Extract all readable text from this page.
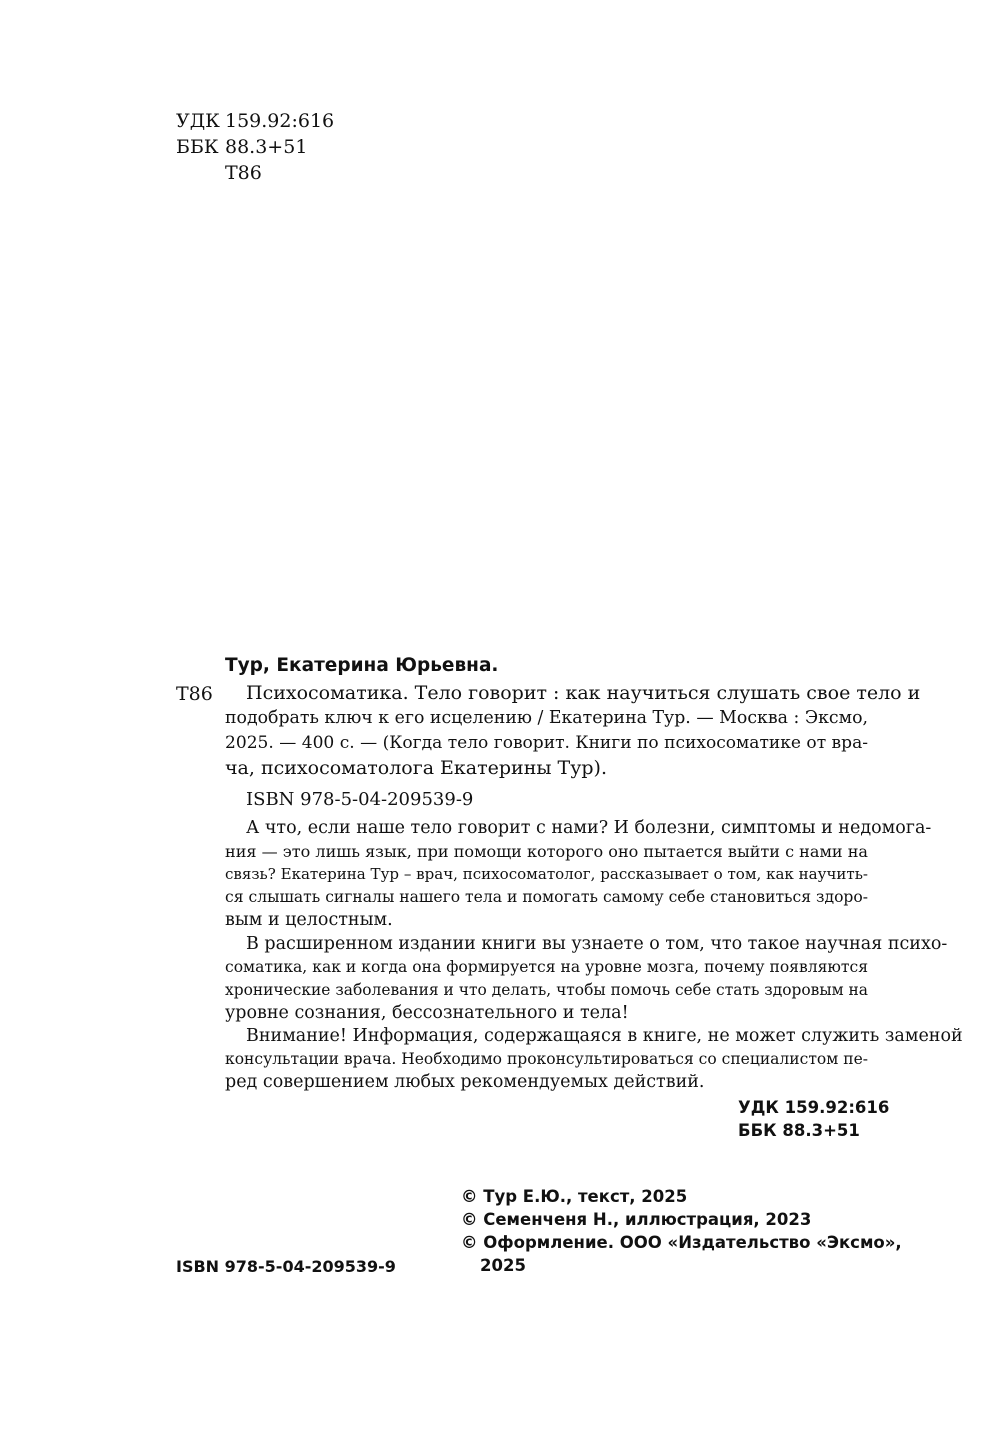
УДК 159.92:616
ББК 88.3+51
Т86
Тур, Екатерина Юрьевна.
Т86 Психосоматика. Тело говорит : как научиться слушать свое тело и
подобрать ключ к его исцелению / Екатерина Тур. — Москва : Эксмо,
2025. — 400 с. — (Когда тело говорит. Книги по психосоматике от вра-
ча, психосоматолога Екатерины Тур).
ISBN 978-5-04-209539-9
А что, если наше тело говорит с нами? И болезни, симптомы и недомога-
ния — это лишь язык, при помощи которого оно пытается выйти с нами на
связь? Екатерина Тур – врач, психосоматолог, рассказывает о том, как научить-
ся слышать сигналы нашего тела и помогать самому себе становиться здоро-
вым и целостным.
В расширенном издании книги вы узнаете о том, что такое научная психо-
соматика, как и когда она формируется на уровне мозга, почему появляются
хронические заболевания и что делать, чтобы помочь себе стать здоровым на
уровне сознания, бессознательного и тела!
Внимание! Информация, содержащаяся в книге, не может служить заменой
консультации врача. Необходимо проконсультироваться со специалистом пе-
ред совершением любых рекомендуемых действий.
УДК 159.92:616
ББК 88.3+51
ISBN 978-5-04-209539-9
© Тур Е.Ю., текст, 2025
© Семенченя Н., иллюстрация, 2023
© Оформление. ООО «Издательство «Эксмо»,
2025
